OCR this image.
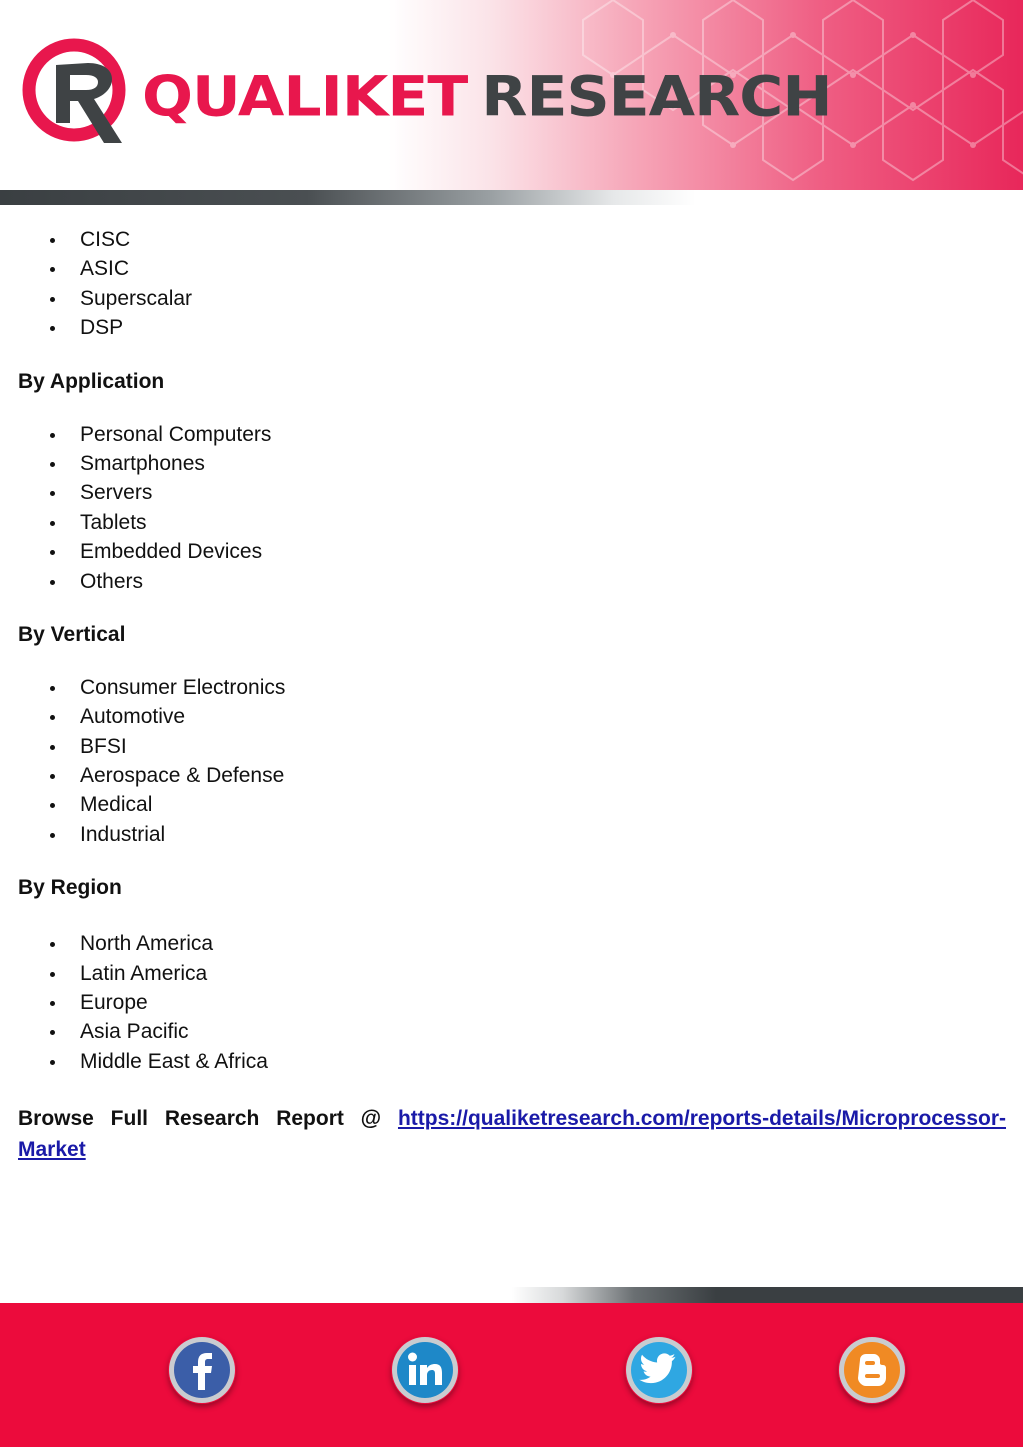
QUALIKET RESEARCH
CISC
ASIC
Superscalar
DSP
By Application
Personal Computers
Smartphones
Servers
Tablets
Embedded Devices
Others
By Vertical
Consumer Electronics
Automotive
BFSI
Aerospace & Defense
Medical
Industrial
By Region
North America
Latin America
Europe
Asia Pacific
Middle East & Africa
Browse Full Research Report @ https://qualiketresearch.com/reports-details/Microprocessor-Market
